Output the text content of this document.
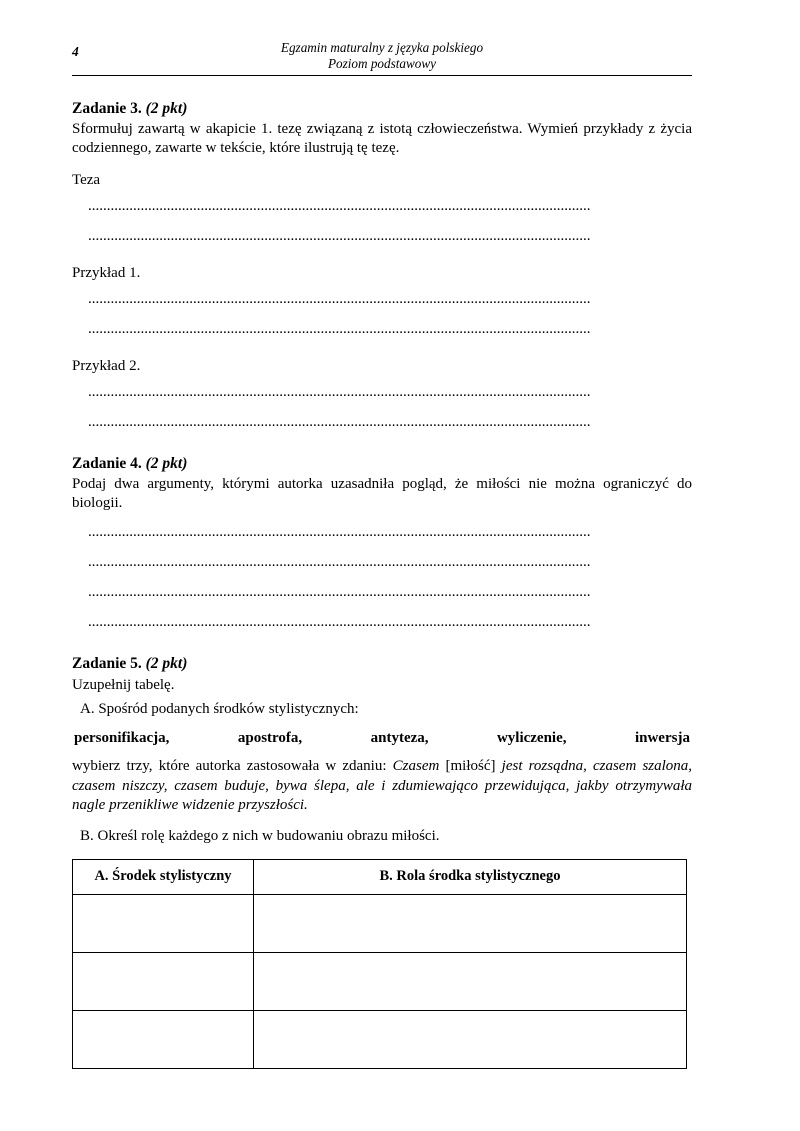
4	Egzamin maturalny z języka polskiego
Poziom podstawowy
Zadanie 3. (2 pkt)

Sformułuj zawartą w akapicie 1. tezę związaną z istotą człowieczeństwa. Wymień przykłady z życia codziennego, zawarte w tekście, które ilustrują tę tezę.

Teza
......................................................................................................................................
......................................................................................................................................
Przykład 1.
......................................................................................................................................
......................................................................................................................................
Przykład 2.
......................................................................................................................................
......................................................................................................................................
Zadanie 4. (2 pkt)

Podaj dwa argumenty, którymi autorka uzasadniła pogląd, że miłości nie można ograniczyć do biologii.

......................................................................................................................................
......................................................................................................................................
......................................................................................................................................
......................................................................................................................................
Zadanie 5. (2 pkt)
Uzupełnij tabelę.
A. Spośród podanych środków stylistycznych:
personifikacja,	apostrofa,	antyteza,	wyliczenie,	inwersja
wybierz trzy, które autorka zastosowała w zdaniu: Czasem [miłość] jest rozsądna, czasem szalona, czasem niszczy, czasem buduje, bywa ślepa, ale i zdumiewająco przewidująca, jakby otrzymywała nagle przenikliwe widzenie przyszłości.
B. Określ rolę każdego z nich w budowaniu obrazu miłości.
A. Środek stylistyczny	B. Rola środka stylistycznego
